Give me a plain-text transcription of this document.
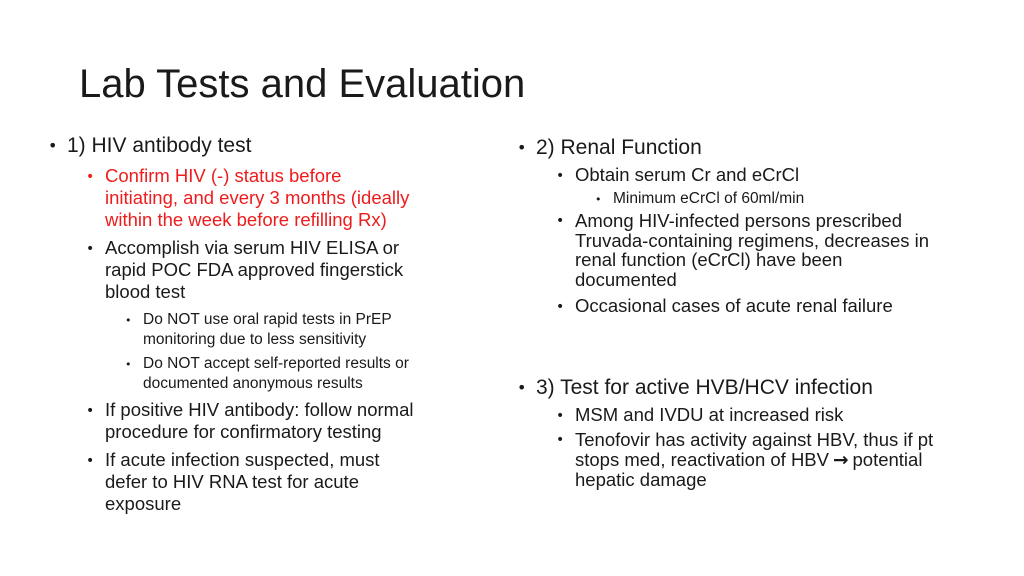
Lab Tests and Evaluation
• 1) HIV antibody test
• Confirm HIV (-) status before
initiating, and every 3 months (ideally
within the week before refilling Rx)
• Accomplish via serum HIV ELISA or
rapid POC FDA approved fingerstick
blood test
• Do NOT use oral rapid tests in PrEP
monitoring due to less sensitivity
• Do NOT accept self-reported results or
documented anonymous results
• If positive HIV antibody: follow normal
procedure for confirmatory testing
• If acute infection suspected, must
defer to HIV RNA test for acute
exposure
• 2) Renal Function
• Obtain serum Cr and eCrCl
• Minimum eCrCl of 60ml/min
• Among HIV-infected persons prescribed
Truvada-containing regimens, decreases in
renal function (eCrCl) have been
documented
• Occasional cases of acute renal failure
• 3) Test for active HVB/HCV infection
• MSM and IVDU at increased risk
• Tenofovir has activity against HBV, thus if pt
stops med, reactivation of HBV → potential
hepatic damage
